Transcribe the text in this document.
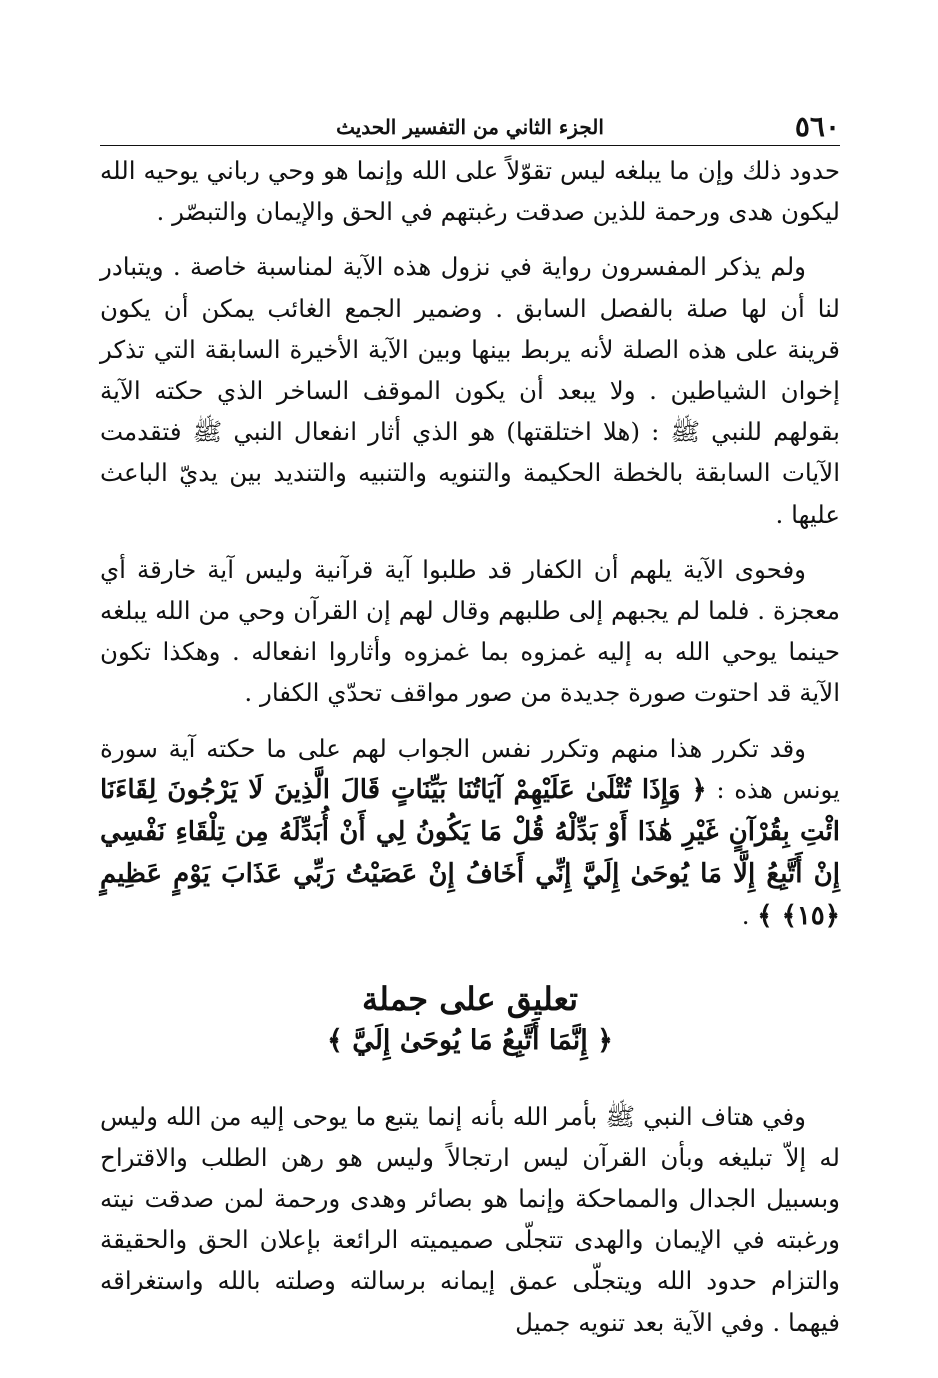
٥٦٠
الجزء الثاني من التفسير الحديث

حدود ذلك وإن ما يبلغه ليس تقوّلاً على الله وإنما هو وحي رباني يوحيه الله ليكون هدى ورحمة للذين صدقت رغبتهم في الحق والإيمان والتبصّر .

ولم يذكر المفسرون رواية في نزول هذه الآية لمناسبة خاصة . ويتبادر لنا أن لها صلة بالفصل السابق . وضمير الجمع الغائب يمكن أن يكون قرينة على هذه الصلة لأنه يربط بينها وبين الآية الأخيرة السابقة التي تذكر إخوان الشياطين . ولا يبعد أن يكون الموقف الساخر الذي حكته الآية بقولهم للنبي ﷺ : (هلا اختلقتها) هو الذي أثار انفعال النبي ﷺ فتقدمت الآيات السابقة بالخطة الحكيمة والتنويه والتنبيه والتنديد بين يديّ الباعث عليها .

وفحوى الآية يلهم أن الكفار قد طلبوا آية قرآنية وليس آية خارقة أي معجزة . فلما لم يجبهم إلى طلبهم وقال لهم إن القرآن وحي من الله يبلغه حينما يوحي الله به إليه غمزوه بما غمزوه وأثاروا انفعاله . وهكذا تكون الآية قد احتوت صورة جديدة من صور مواقف تحدّي الكفار .

وقد تكرر هذا منهم وتكرر نفس الجواب لهم على ما حكته آية سورة يونس هذه : ﴿ وَإِذَا تُتْلَىٰ عَلَيْهِمْ آيَاتُنَا بَيِّنَاتٍ قَالَ الَّذِينَ لَا يَرْجُونَ لِقَاءَنَا ائْتِ بِقُرْآنٍ غَيْرِ هَٰذَا أَوْ بَدِّلْهُ قُلْ مَا يَكُونُ لِي أَنْ أُبَدِّلَهُ مِن تِلْقَاءِ نَفْسِي إِنْ أَتَّبِعُ إِلَّا مَا يُوحَىٰ إِلَيَّ إِنِّي أَخَافُ إِنْ عَصَيْتُ رَبِّي عَذَابَ يَوْمٍ عَظِيمٍ ﴿١٥﴾ ﴾ .

تعليق على جملة
﴿ إِنَّمَا أَتَّبِعُ مَا يُوحَىٰ إِلَيَّ ﴾

وفي هتاف النبي ﷺ بأمر الله بأنه إنما يتبع ما يوحى إليه من الله وليس له إلاّ تبليغه وبأن القرآن ليس ارتجالاً وليس هو رهن الطلب والاقتراح وبسبيل الجدال والمماحكة وإنما هو بصائر وهدى ورحمة لمن صدقت نيته ورغبته في الإيمان والهدى تتجلّى صميميته الرائعة بإعلان الحق والحقيقة والتزام حدود الله ويتجلّى عمق إيمانه برسالته وصلته بالله واستغراقه فيهما . وفي الآية بعد تنويه جميل
